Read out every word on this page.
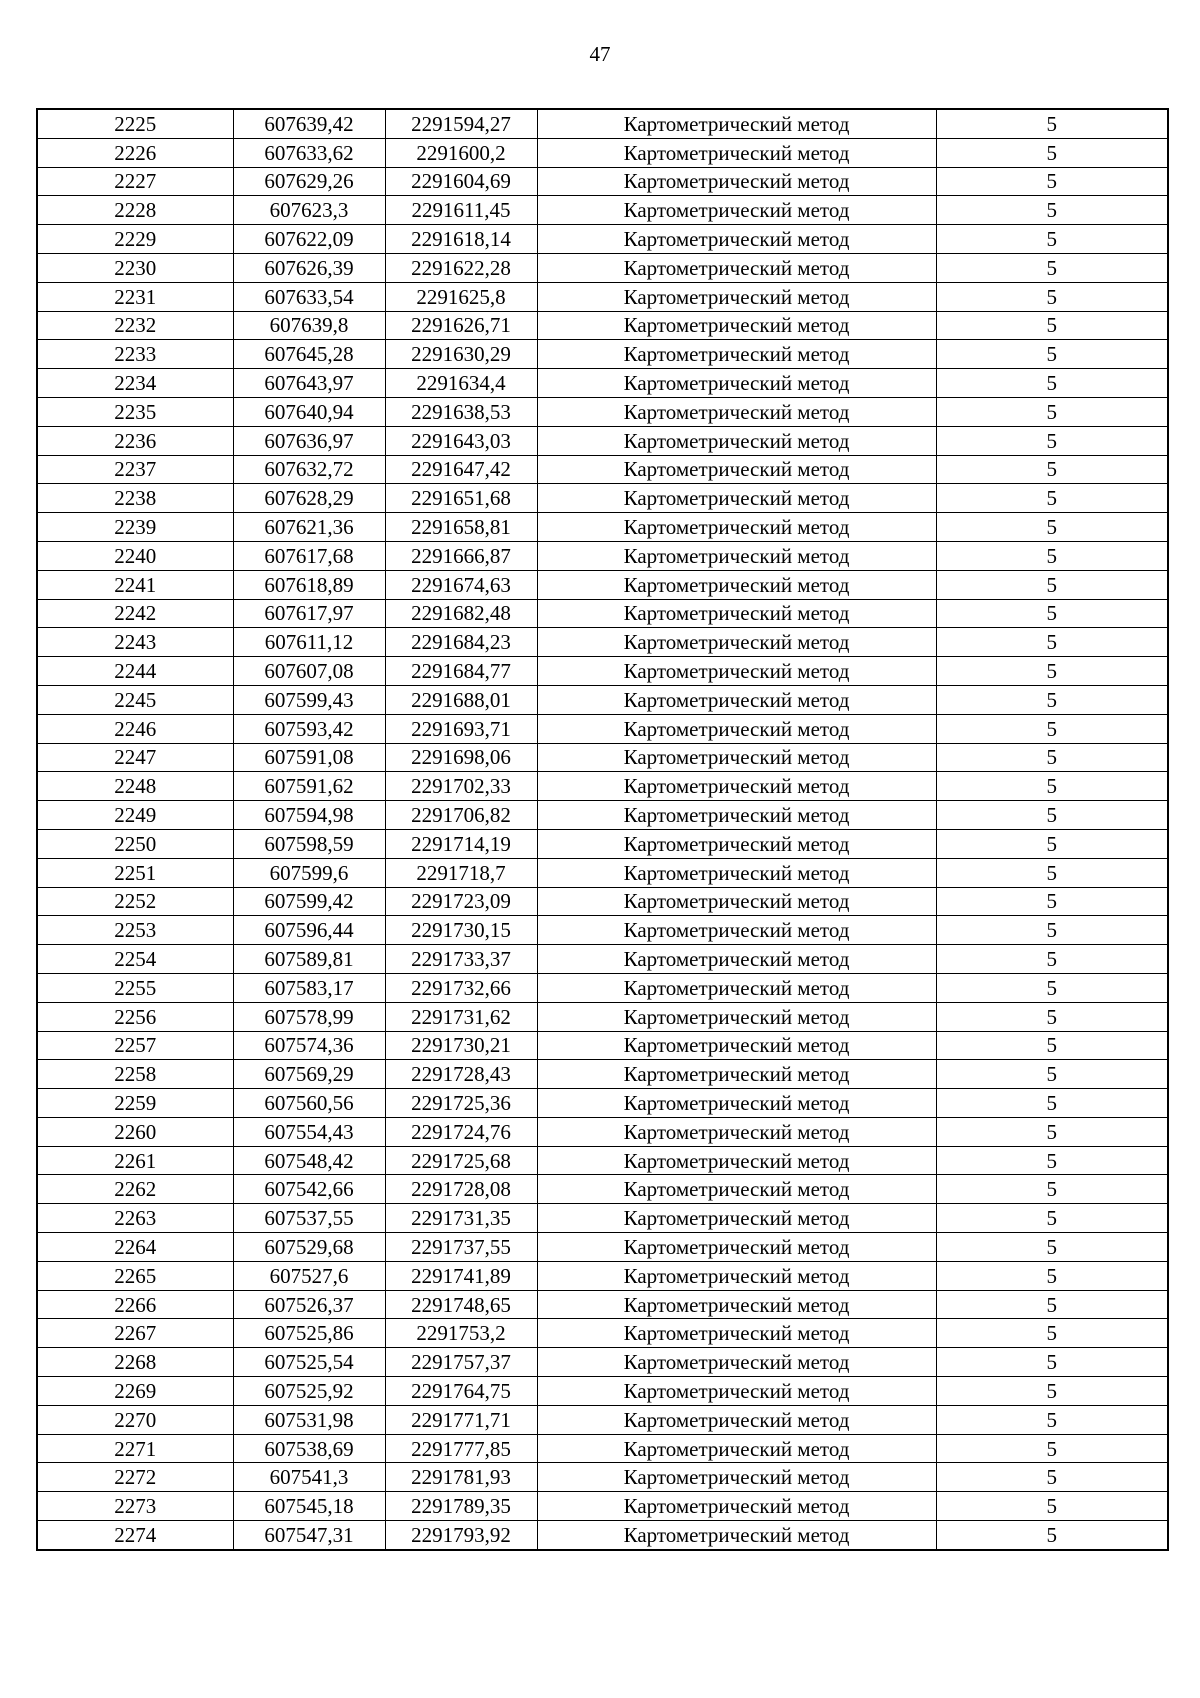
47
2225	607639,42	2291594,27	Картометрический метод	5
2226	607633,62	2291600,2	Картометрический метод	5
2227	607629,26	2291604,69	Картометрический метод	5
2228	607623,3	2291611,45	Картометрический метод	5
2229	607622,09	2291618,14	Картометрический метод	5
2230	607626,39	2291622,28	Картометрический метод	5
2231	607633,54	2291625,8	Картометрический метод	5
2232	607639,8	2291626,71	Картометрический метод	5
2233	607645,28	2291630,29	Картометрический метод	5
2234	607643,97	2291634,4	Картометрический метод	5
2235	607640,94	2291638,53	Картометрический метод	5
2236	607636,97	2291643,03	Картометрический метод	5
2237	607632,72	2291647,42	Картометрический метод	5
2238	607628,29	2291651,68	Картометрический метод	5
2239	607621,36	2291658,81	Картометрический метод	5
2240	607617,68	2291666,87	Картометрический метод	5
2241	607618,89	2291674,63	Картометрический метод	5
2242	607617,97	2291682,48	Картометрический метод	5
2243	607611,12	2291684,23	Картометрический метод	5
2244	607607,08	2291684,77	Картометрический метод	5
2245	607599,43	2291688,01	Картометрический метод	5
2246	607593,42	2291693,71	Картометрический метод	5
2247	607591,08	2291698,06	Картометрический метод	5
2248	607591,62	2291702,33	Картометрический метод	5
2249	607594,98	2291706,82	Картометрический метод	5
2250	607598,59	2291714,19	Картометрический метод	5
2251	607599,6	2291718,7	Картометрический метод	5
2252	607599,42	2291723,09	Картометрический метод	5
2253	607596,44	2291730,15	Картометрический метод	5
2254	607589,81	2291733,37	Картометрический метод	5
2255	607583,17	2291732,66	Картометрический метод	5
2256	607578,99	2291731,62	Картометрический метод	5
2257	607574,36	2291730,21	Картометрический метод	5
2258	607569,29	2291728,43	Картометрический метод	5
2259	607560,56	2291725,36	Картометрический метод	5
2260	607554,43	2291724,76	Картометрический метод	5
2261	607548,42	2291725,68	Картометрический метод	5
2262	607542,66	2291728,08	Картометрический метод	5
2263	607537,55	2291731,35	Картометрический метод	5
2264	607529,68	2291737,55	Картометрический метод	5
2265	607527,6	2291741,89	Картометрический метод	5
2266	607526,37	2291748,65	Картометрический метод	5
2267	607525,86	2291753,2	Картометрический метод	5
2268	607525,54	2291757,37	Картометрический метод	5
2269	607525,92	2291764,75	Картометрический метод	5
2270	607531,98	2291771,71	Картометрический метод	5
2271	607538,69	2291777,85	Картометрический метод	5
2272	607541,3	2291781,93	Картометрический метод	5
2273	607545,18	2291789,35	Картометрический метод	5
2274	607547,31	2291793,92	Картометрический метод	5
